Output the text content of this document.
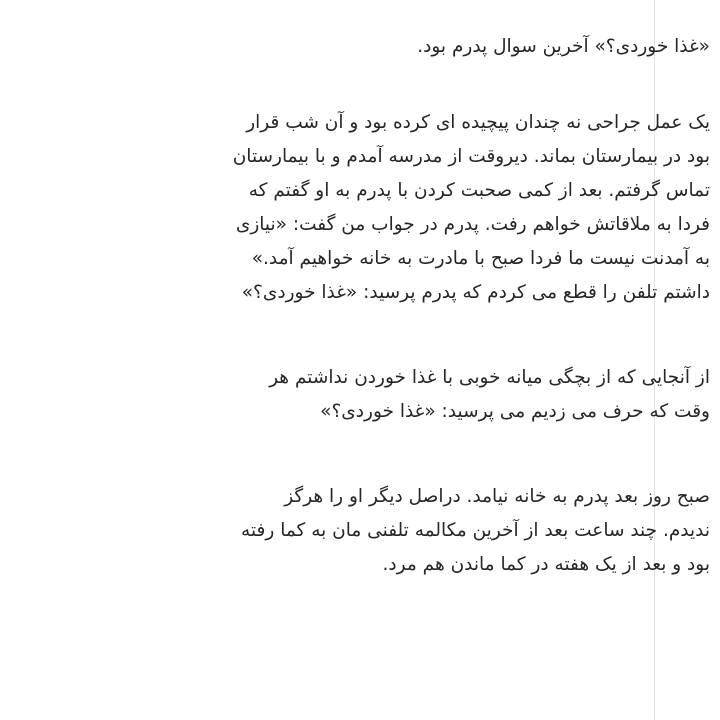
«غذا خوردی؟» آخرین سوال پدرم بود.
یک عمل جراحی نه چندان پیچیده ای کرده بود و آن شب قرار
بود در بیمارستان بماند. دیروقت از مدرسه آمدم و با بیمارستان
تماس گرفتم. بعد از کمی صحبت کردن با پدرم به او گفتم که
فردا به ملاقاتش خواهم رفت. پدرم در جواب من گفت: «نیازی
به آمدنت نیست ما فردا صبح با مادرت به خانه خواهیم آمد.»
داشتم تلفن را قطع می کردم که پدرم پرسید: «غذا خوردی؟»
از آنجایی که از بچگی میانه خوبی با غذا خوردن نداشتم هر
وقت که حرف می زدیم می پرسید: «غذا خوردی؟»
صبح روز بعد پدرم به خانه نیامد. دراصل دیگر او را هرگز
ندیدم. چند ساعت بعد از آخرین مکالمه تلفنی مان به کما رفته
بود و بعد از یک هفته در کما ماندن هم مرد.
